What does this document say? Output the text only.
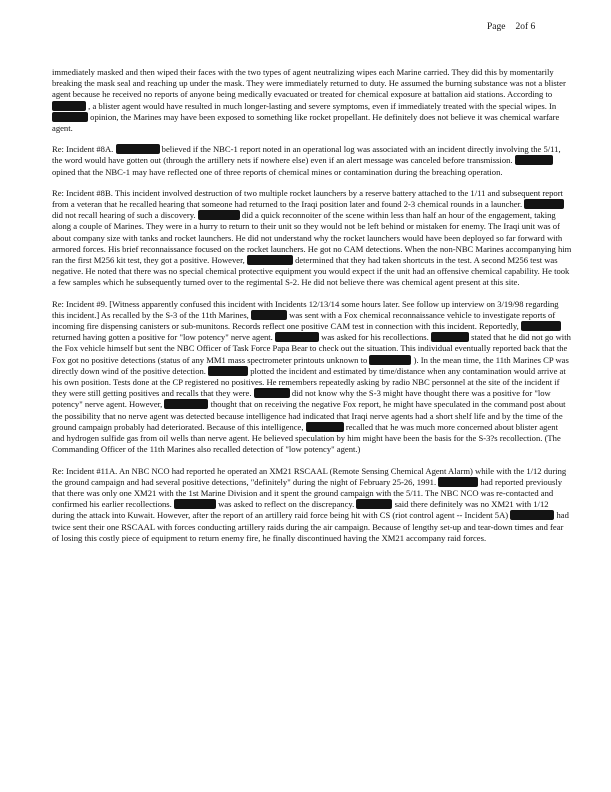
Page 2of 6

immediately masked and then wiped their faces with the two types of agent neutralizing wipes each Marine carried. They did this by momentarily breaking the mask seal and reaching up under the mask. They were immediately returned to duty. He assumed the burning substance was not a blister agent because he received no reports of anyone being medically evacuated or treated for chemical exposure at battalion aid stations. According to  , a blister agent would have resulted in much longer-lasting and severe symptoms, even if immediately treated with the special wipes. In  opinion, the Marines may have been exposed to something like rocket propellant. He definitely does not believe it was chemical warfare agent.

Re: Incident #8A.	believed if the NBC-1 report noted in an operational log was associated with an incident directly involving the 5/11, the word would have gotten out (through the artillery nets if nowhere else) even if an alert message was canceled before transmission.  opined that the NBC-1 may have reflected one of three reports of chemical mines or contamination during the breaching operation.

Re: Incident #8B. This incident involved destruction of two multiple rocket launchers by a reserve battery attached to the 1/11 and subsequent report from a veteran that he recalled hearing that someone had returned to the Iraqi position later and found 2-3 chemical rounds in a launcher.  did not recall hearing of such a discovery.	did a quick reconnoiter of the scene within less than half an hour of the engagement, taking along a couple of Marines. They were in a hurry to return to their unit so they would not be left behind or mistaken for enemy. The Iraqi unit was of about company size with tanks and rocket launchers. He did not understand why the rocket launchers would have been deployed so far forward with armored forces. His brief reconnaissance focused on the rocket launchers. He got no CAM detections. When the non-NBC Marines accompanying him ran the first M256 kit test, they got a positive. However,	determined that they had taken shortcuts in the test. A second M256 test was negative. He noted that there was no special chemical protective equipment you would expect if the unit had an offensive chemical capability. He took a few samples which he subsequently turned over to the regimental S-2. He did not believe there was chemical agent present at this site.

Re: Incident #9. [Witness apparently confused this incident with Incidents 12/13/14 some hours later. See follow up interview on 3/19/98 regarding this incident.] As recalled by the S-3 of the 11th Marines,	was sent with a Fox chemical reconnaissance vehicle to investigate reports of incoming fire dispensing canisters or sub-munitons. Records reflect one positive CAM test in connection with this incident. Reportedly,  returned having gotten a positive for "low potency" nerve agent.	was asked for his recollections.	stated that he did not go with the Fox vehicle himself but sent the NBC Officer of Task Force Papa Bear to check out the situation. This individual eventually reported back that the Fox got no positive detections (status of any MM1 mass spectrometer printouts unknown to	). In the mean time, the 11th Marines CP was directly down wind of the positive detection.	plotted the incident and estimated by time/distance when any contamination would arrive at his own position. Tests done at the CP registered no positives. He remembers repeatedly asking by radio NBC personnel at the site of the incident if they were still getting positives and recalls that they were.	did not know why the S-3 might have thought there was a positive for "low potency" nerve agent. However,	thought that on receiving the negative Fox report, he might have speculated in the command post about the possibility that no nerve agent was detected because intelligence had indicated that Iraqi nerve agents had a short shelf life and by the time of the ground campaign probably had deteriorated. Because of this intelligence,	recalled that he was much more concerned about blister agent and hydrogen sulfide gas from oil wells than nerve agent. He believed speculation by him might have been the basis for the S-3?s recollection. (The Commanding Officer of the 11th Marines also recalled detection of "low potency" agent.)

Re: Incident #11A. An NBC NCO had reported he operated an XM21 RSCAAL (Remote Sensing Chemical Agent Alarm) while with the 1/12 during the ground campaign and had several positive detections, "definitely" during the night of February 25-26, 1991.	had reported previously that there was only one XM21 with the 1st Marine Division and it spent the ground campaign with the 5/11. The NBC NCO was re-contacted and confirmed his earlier recollections.	was asked to reflect on the discrepancy.	said there definitely was no XM21 with 1/12 during the attack into Kuwait. However, after the report of an artillery raid force being hit with CS (riot control agent -- Incident 5A)	had twice sent their one RSCAAL with forces conducting artillery raids during the air campaign. Because of lengthy set-up and tear-down times and fear of losing this costly piece of equipment to return enemy fire, he finally discontinued having the XM21 accompany raid forces.
